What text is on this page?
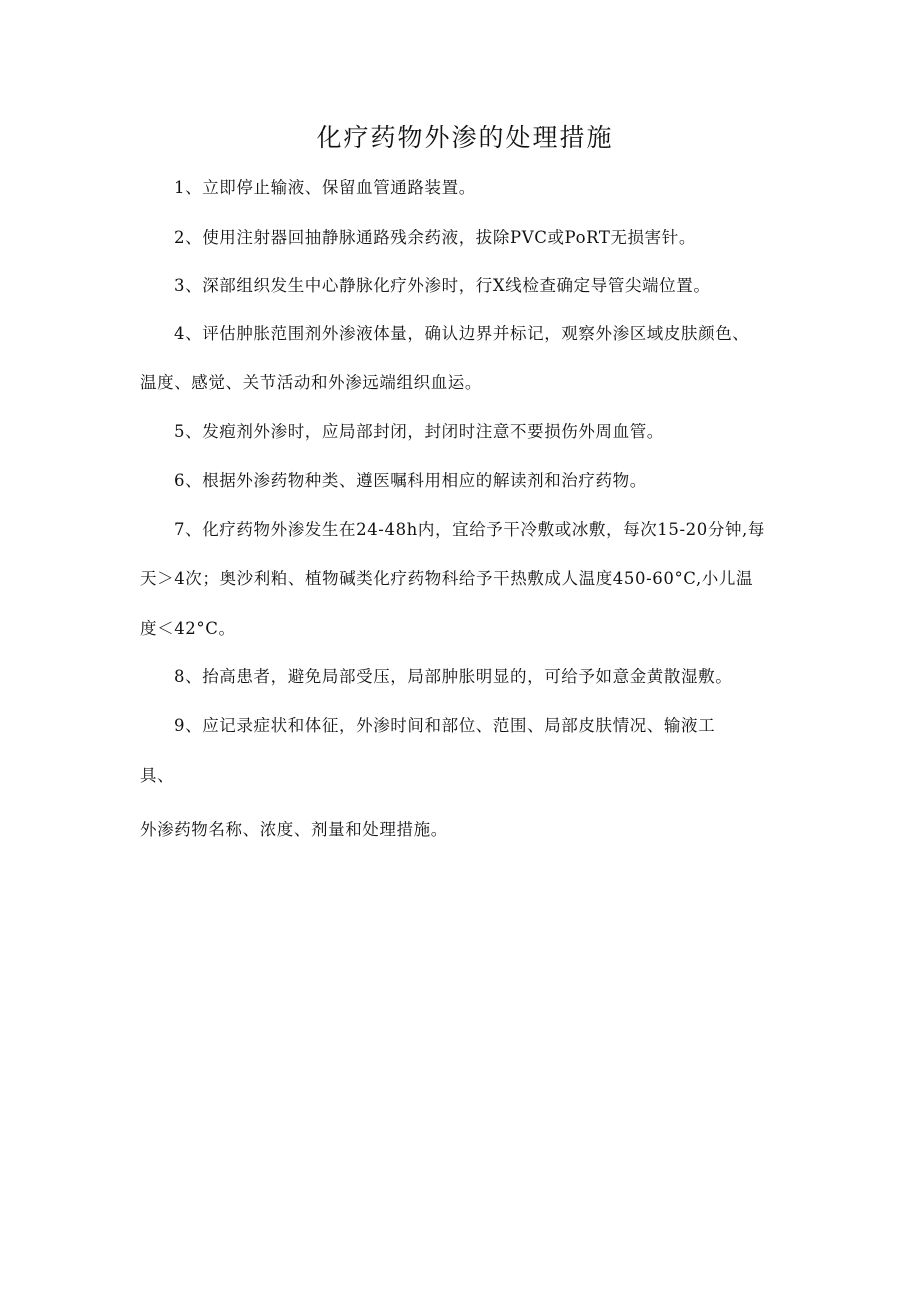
化疗药物外渗的处理措施

1、立即停止输液、保留血管通路装置。

2、使用注射器回抽静脉通路残余药液，拔除PVC或PoRT无损害针。

3、深部组织发生中心静脉化疗外渗时，行X线检查确定导管尖端位置。

4、评估肿胀范围剂外渗液体量，确认边界并标记，观察外渗区域皮肤颜色、

温度、感觉、关节活动和外渗远端组织血运。

5、发疱剂外渗时，应局部封闭，封闭时注意不要损伤外周血管。

6、根据外渗药物种类、遵医嘱科用相应的解读剂和治疗药物。

7、化疗药物外渗发生在24-48h内，宜给予干冷敷或冰敷，每次15-20分钟,每

天＞4次；奥沙利粕、植物碱类化疗药物科给予干热敷成人温度450-60°C,小儿温

度＜42°C。

8、抬高患者，避免局部受压，局部肿胀明显的，可给予如意金黄散湿敷。

9、应记录症状和体征，外渗时间和部位、范围、局部皮肤情况、输液工

具、

外渗药物名称、浓度、剂量和处理措施。
